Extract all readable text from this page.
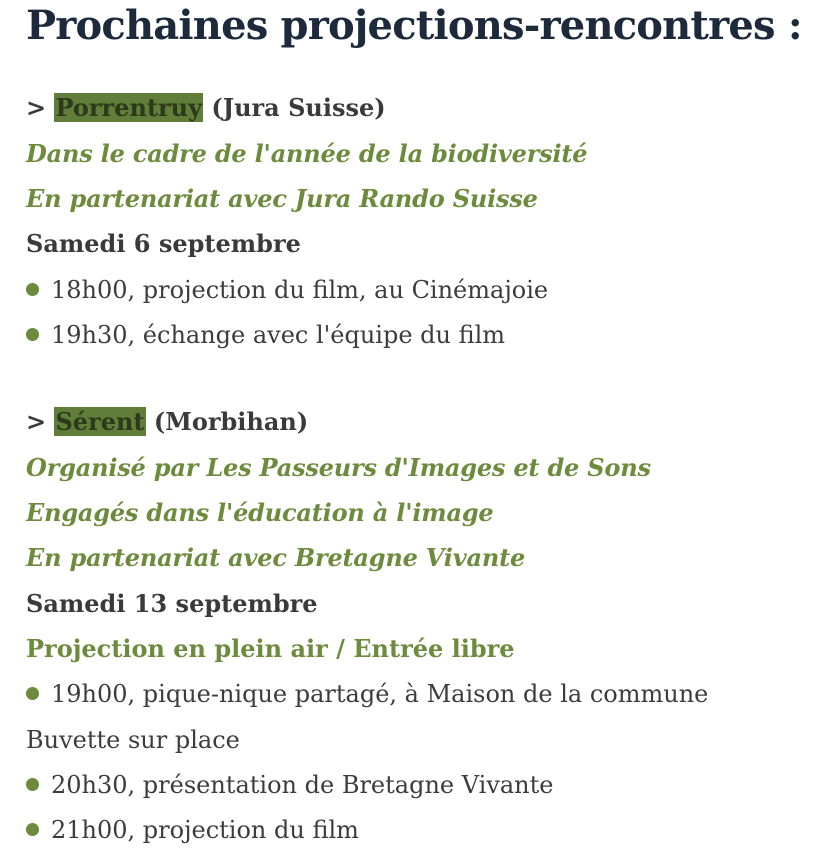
Prochaines projections-rencontres :
> Porrentruy (Jura Suisse)
Dans le cadre de l'année de la biodiversité
En partenariat avec Jura Rando Suisse
Samedi 6 septembre
18h00, projection du film, au Cinémajoie
19h30, échange avec l'équipe du film
> Sérent (Morbihan)
Organisé par Les Passeurs d'Images et de Sons
Engagés dans l'éducation à l'image
En partenariat avec Bretagne Vivante
Samedi 13 septembre
Projection en plein air / Entrée libre
19h00, pique-nique partagé, à Maison de la commune
Buvette sur place
20h30, présentation de Bretagne Vivante
21h00, projection du film
